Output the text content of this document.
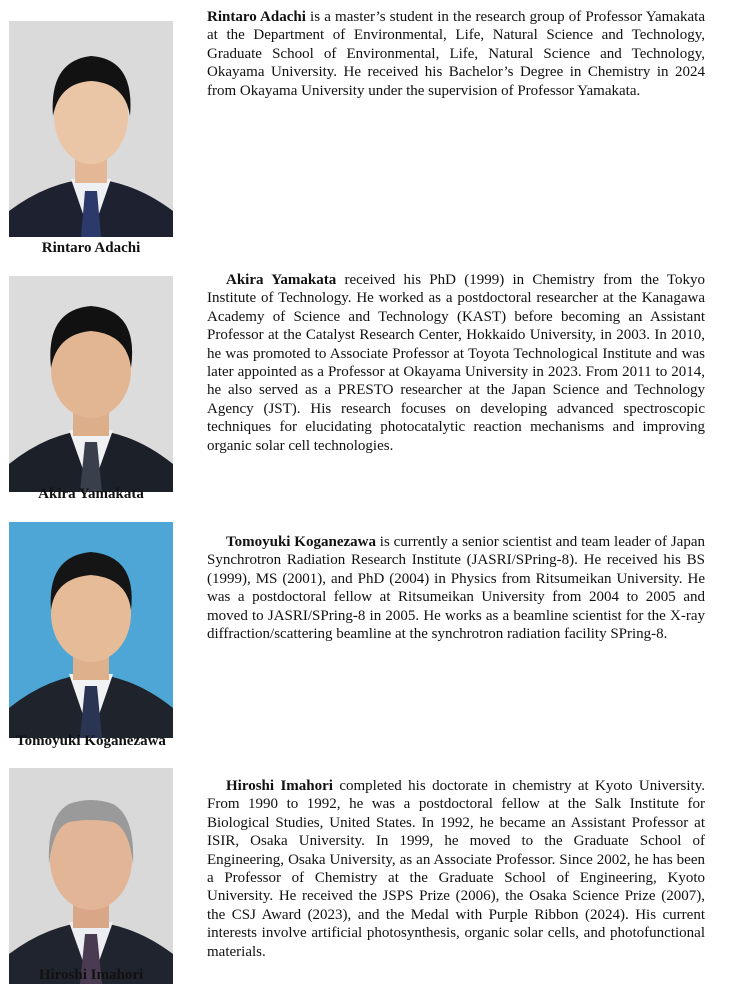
Rintaro Adachi
Rintaro Adachi is a master’s student in the research group of Professor Yamakata at the Department of Environmental, Life, Natural Science and Technology, Graduate School of Environmental, Life, Natural Science and Technology, Okayama University. He received his Bachelor’s Degree in Chemistry in 2024 from Okayama University under the supervision of Professor Yamakata.
Akira Yamakata
Akira Yamakata received his PhD (1999) in Chemistry from the Tokyo Institute of Technology. He worked as a postdoctoral researcher at the Kanagawa Academy of Science and Technology (KAST) before becoming an Assistant Professor at the Catalyst Research Center, Hokkaido University, in 2003. In 2010, he was promoted to Associate Professor at Toyota Technological Institute and was later appointed as a Professor at Okayama University in 2023. From 2011 to 2014, he also served as a PRESTO researcher at the Japan Science and Technology Agency (JST). His research focuses on developing advanced spectroscopic techniques for elucidating photocatalytic reaction mechanisms and improving organic solar cell technologies.
Tomoyuki Koganezawa
Tomoyuki Koganezawa is currently a senior scientist and team leader of Japan Synchrotron Radiation Research Institute (JASRI/SPring-8). He received his BS (1999), MS (2001), and PhD (2004) in Physics from Ritsumeikan University. He was a postdoctoral fellow at Ritsumeikan University from 2004 to 2005 and moved to JASRI/SPring-8 in 2005. He works as a beamline scientist for the X-ray diffraction/scattering beamline at the synchrotron radiation facility SPring-8.
Hiroshi Imahori
Hiroshi Imahori completed his doctorate in chemistry at Kyoto University. From 1990 to 1992, he was a postdoctoral fellow at the Salk Institute for Biological Studies, United States. In 1992, he became an Assistant Professor at ISIR, Osaka University. In 1999, he moved to the Graduate School of Engineering, Osaka University, as an Associate Professor. Since 2002, he has been a Professor of Chemistry at the Graduate School of Engineering, Kyoto University. He received the JSPS Prize (2006), the Osaka Science Prize (2007), the CSJ Award (2023), and the Medal with Purple Ribbon (2024). His current interests involve artificial photosynthesis, organic solar cells, and photofunctional materials.
